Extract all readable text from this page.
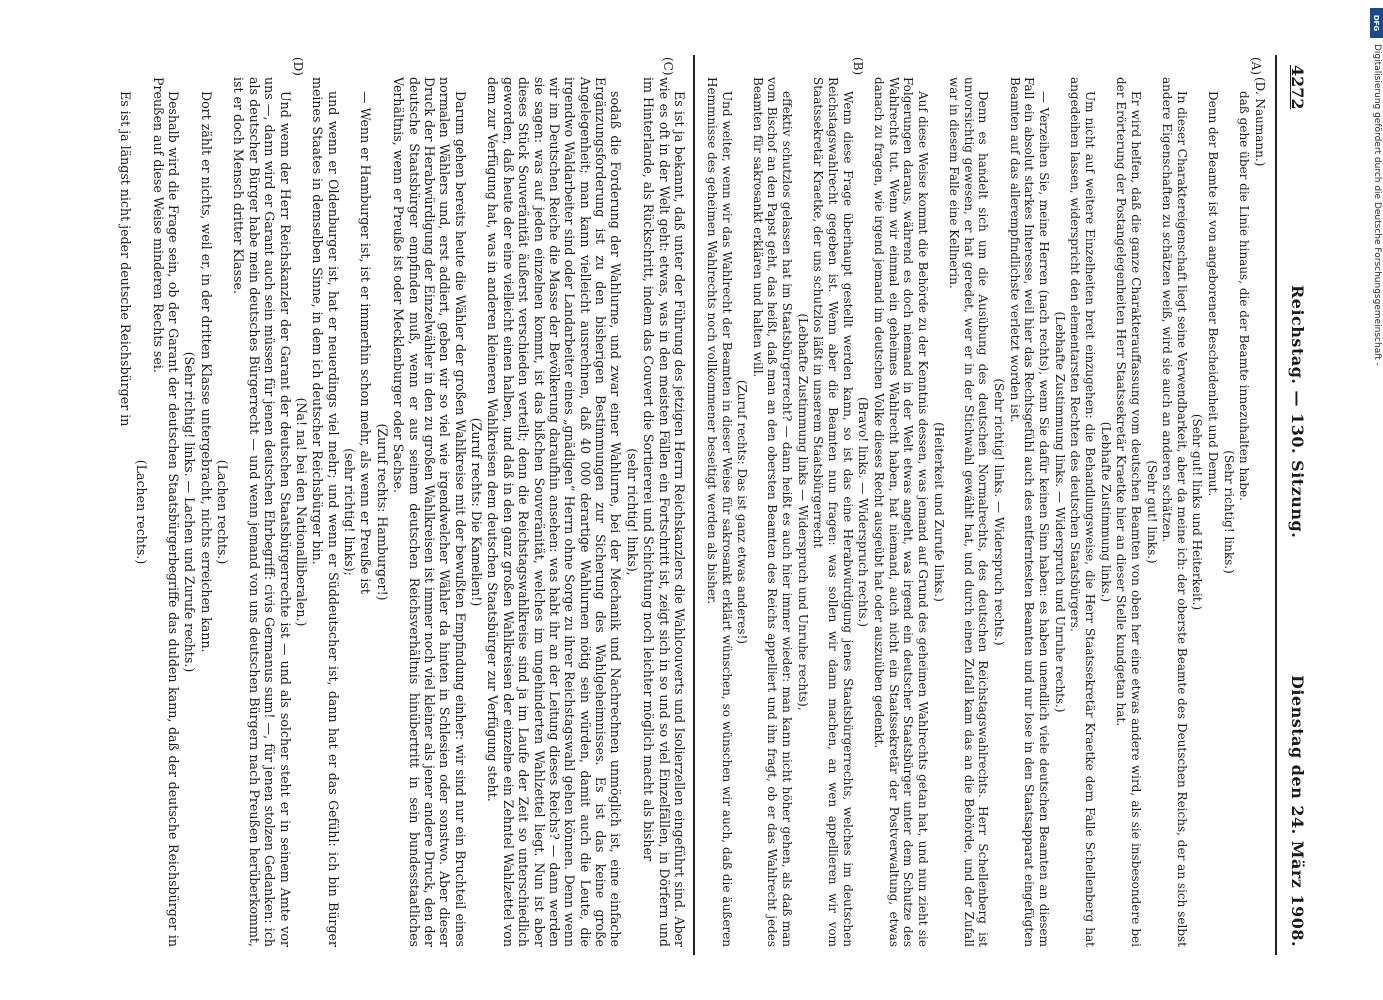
4272
Reichstag. — 130. Sitzung.
Dienstag den 24. März 1908.

(D. Naumann.)

daß gehe über die Linie hinaus, die der Beamte innezuhalten habe.

(Sehr richtig! links.)

Denn der Beamte ist von angeborener Bescheidenheit und Demut.

(Sehr gut! links und Heiterkeit.)

In dieser Charaktereigenschaft liegt seine Verwendbarkeit, aber da meine ich: der oberste Beamte des Deutschen Reichs, der an sich selbst andere Eigenschaften zu schätzen weiß, wird sie auch an anderen schätzen.

(Sehr gut! links.)

Er wird helfen, daß die ganze Charakterauffassung vom deutschen Beamten von oben her eine etwas andere wird, als sie insbesondere bei der Erörterung der Postangelegenheiten Herr Staatssekretär Kraetke hier an dieser Stelle kundgetan hat.

(Lebhafte Zustimmung links.)

Um nicht auf weitere Einzelheiten breit einzugehen: die Behandlungsweise, die Herr Staatssekretär Kraetke dem Falle Schellenberg hat angedeihen lassen, widerspricht den elementarsten Rechten des deutschen Staatsbürgers.

(Lebhafte Zustimmung links. — Widerspruch und Unruhe rechts.)

— Verzeihen Sie, meine Herren (nach rechts), wenn Sie dafür keinen Sinn haben: es haben unendlich viele deutschen Beamten an diesem Fall ein absolut starkes Interesse, weil hier das Rechtsgefühl auch des entferntesten Beamten und nur lose in den Staatsapparat eingefügten Beamten auf das allerempfindlichste verletzt worden ist.

(Sehr richtig! links. — Widerspruch rechts.)

Denn es handelt sich um die Ausübung des deutschen Normalrechts, des deutschen Reichstagswahlrechts. Herr Schellenberg ist unvorsichtig gewesen, er hat geredet, wer er in der Stichwahl gewählt hat, und durch einen Zufall kam das an die Behörde, und der Zufall war in diesem Falle eine Kellnerin.

(Heiterkeit und Zurufe links.)

Auf diese Weise kommt die Behörde zu der Kenntnis dessen, was jemand auf Grund des geheimen Wahlrechts getan hat, und nun zieht sie Folgerungen daraus, während es doch niemand in der Welt etwas angeht, was irgend ein deutscher Staatsbürger unter dem Schutze des Wahlrechts tut. Wenn wir einmal ein geheimes Wahlrecht haben, hat niemand, auch nicht ein Staatssekretär der Postverwaltung, etwas danach zu fragen, wie irgend jemand im deutschen Volke dieses Recht ausgeübt hat oder auszuüben gedenkt.

(Bravo! links. — Widerspruch rechts.)

Wenn diese Frage überhaupt gestellt werden kann, so ist das eine Herabwürdigung jenes Staatsbürgerrechts, welches im deutschen Reichstagswahlrecht gegeben ist. Wenn aber die Beamten nun fragen: was sollen wir dann machen, an wen appellieren wir vom Staatssekretär Kraetke, der uns schutzlos läßt in unserem Staatsbürgerrecht

(Lebhafte Zustimmung links — Widerspruch und Unruhe rechts),

effektiv schutzlos gelassen hat im Staatsbürgerrecht? — dann heißt es auch hier immer wieder: man kann nicht höher gehen, als daß man vom Bischof an den Papst geht, das heißt, daß man an den obersten Beamten des Reichs appelliert und ihn fragt, ob er das Wahlrecht jedes Beamten für sakrosankt erklären und halten will.

(Zuruf rechts: Das ist ganz etwas anderes!)

Und weiter, wenn wir das Wahlrecht der Beamten in dieser Weise für sakrosankt erklärt wünschen, so wünschen wir auch, daß die äußeren Hemmnisse des geheimen Wahlrechts noch vollkommener beseitigt werden als bisher.

Es ist ja bekannt, daß unter der Führung des jetzigen Herrn Reichskanzlers die Wahlcouverts und Isolierzellen eingeführt sind. Aber wie es oft in der Welt geht: etwas, was in den meisten Fällen ein Fortschritt ist, zeigt sich in so und so viel Einzelfällen, in Dörfern und im Hinterlande, als Rückschritt, indem das Couvert die Sortiererei und Schichtung noch leichter möglich macht als bisher

(sehr richtig! links),

sodaß die Forderung der Wahlurne, und zwar einer Wahlurne, bei der Mechanik und Nachrechnen unmöglich ist, eine einfache Ergänzungsforderung ist zu den bisherigen Bestimmungen zur Sicherung des Wahlgeheimnisses. Es ist das keine große Angelegenheit; man kann vielleicht ausrechnen, daß 40 000 derartige Wahlurnen nötig sein würden, damit auch die Leute, die irgendwo Waldarbeiter sind oder Landarbeiter eines „gnädigen“ Herrn ohne Sorge zu ihrer Reichstagswahl gehen können. Denn wenn wir im Deutschen Reiche die Masse der Bevölkerung daraufhin ansehen: was habt ihr an der Leitung dieses Reichs? — dann werden sie sagen: was auf jeden einzelnen kommt, ist das bißchen Souveränität, welches im ungehinderten Wahlzettel liegt. Nun ist aber dieses Stück Souveränität äußerst verschieden verteilt; denn die Reichstagswahlkreise sind ja im Laufe der Zeit so unterschiedlich geworden, daß heute der eine vielleicht einen halben, und daß in den ganz großen Wahlkreisen der einzelne ein Zehntel Wahlzettel von dem zur Verfügung hat, was in anderen kleineren Wahlkreisen dem deutschen Staatsbürger zur Verfügung steht.

(Zuruf rechts: Die Kamelien!)

Darum gehen bereits heute die Wähler der großen Wahlkreise mit der bewußten Empfindung einher: wir sind nur ein Bruchteil eines normalen Wählers und, erst addiert, geben wir so viel wie irgendwelcher Wähler da hinten in Schlesien oder sonstwo. Aber dieser Druck der Herabwürdigung der Einzelwähler in den zu großen Wahlkreisen ist immer noch viel kleiner als jener andere Druck, den der deutsche Staatsbürger empfinden muß, wenn er aus seinem deutschen Reichsverhältnis hinübertritt in sein bundesstaatliches Verhältnis, wenn er Preuße ist oder Mecklenburger oder Sachse.

(Zuruf rechts: Hamburger!)

— Wenn er Hamburger ist, ist er immerhin schon mehr, als wenn er Preuße ist

(sehr richtig! links);

und wenn er Oldenburger ist, hat er neuerdings viel mehr; und wenn er Süddeutscher ist, dann hat er das Gefühl: ich bin Bürger meines Staates in demselben Sinne, in dem ich deutscher Reichsbürger bin.

(Na! na! bei den Nationalliberalen.)

Und wenn der Herr Reichskanzler der Garant der deutschen Staatsbürgerrechte ist — und als solcher steht er in seinem Amte vor uns —, dann wird er Garant auch sein müssen für jenen deutschen Ehrbegriff: civis Germanus sum! —, für jenen stolzen Gedanken: ich als deutscher Bürger habe mein deutsches Bürgerrecht — und wenn jemand von uns deutschen Bürgern nach Preußen herüberkommt, ist er doch Mensch dritter Klasse.

(Lachen rechts.)

Dort zählt er nichts, weil er, in der dritten Klasse untergebracht, nichts erreichen kann.

(Sehr richtig! links. — Lachen und Zurufe rechts.)

Deshalb wird die Frage sein, ob der Garant der deutschen Staatsbürgerbegriffe das dulden kann, daß der deutsche Reichsbürger in Preußen auf diese Weise minderen Rechts sei.

(Lachen rechts.)

Es ist ja längst nicht jeder deutsche Reichsbürger in

(A)
(B)
(C)
(D)
DFG
Digitalisierung gefördert durch die Deutsche Forschungsgemeinschaft -
